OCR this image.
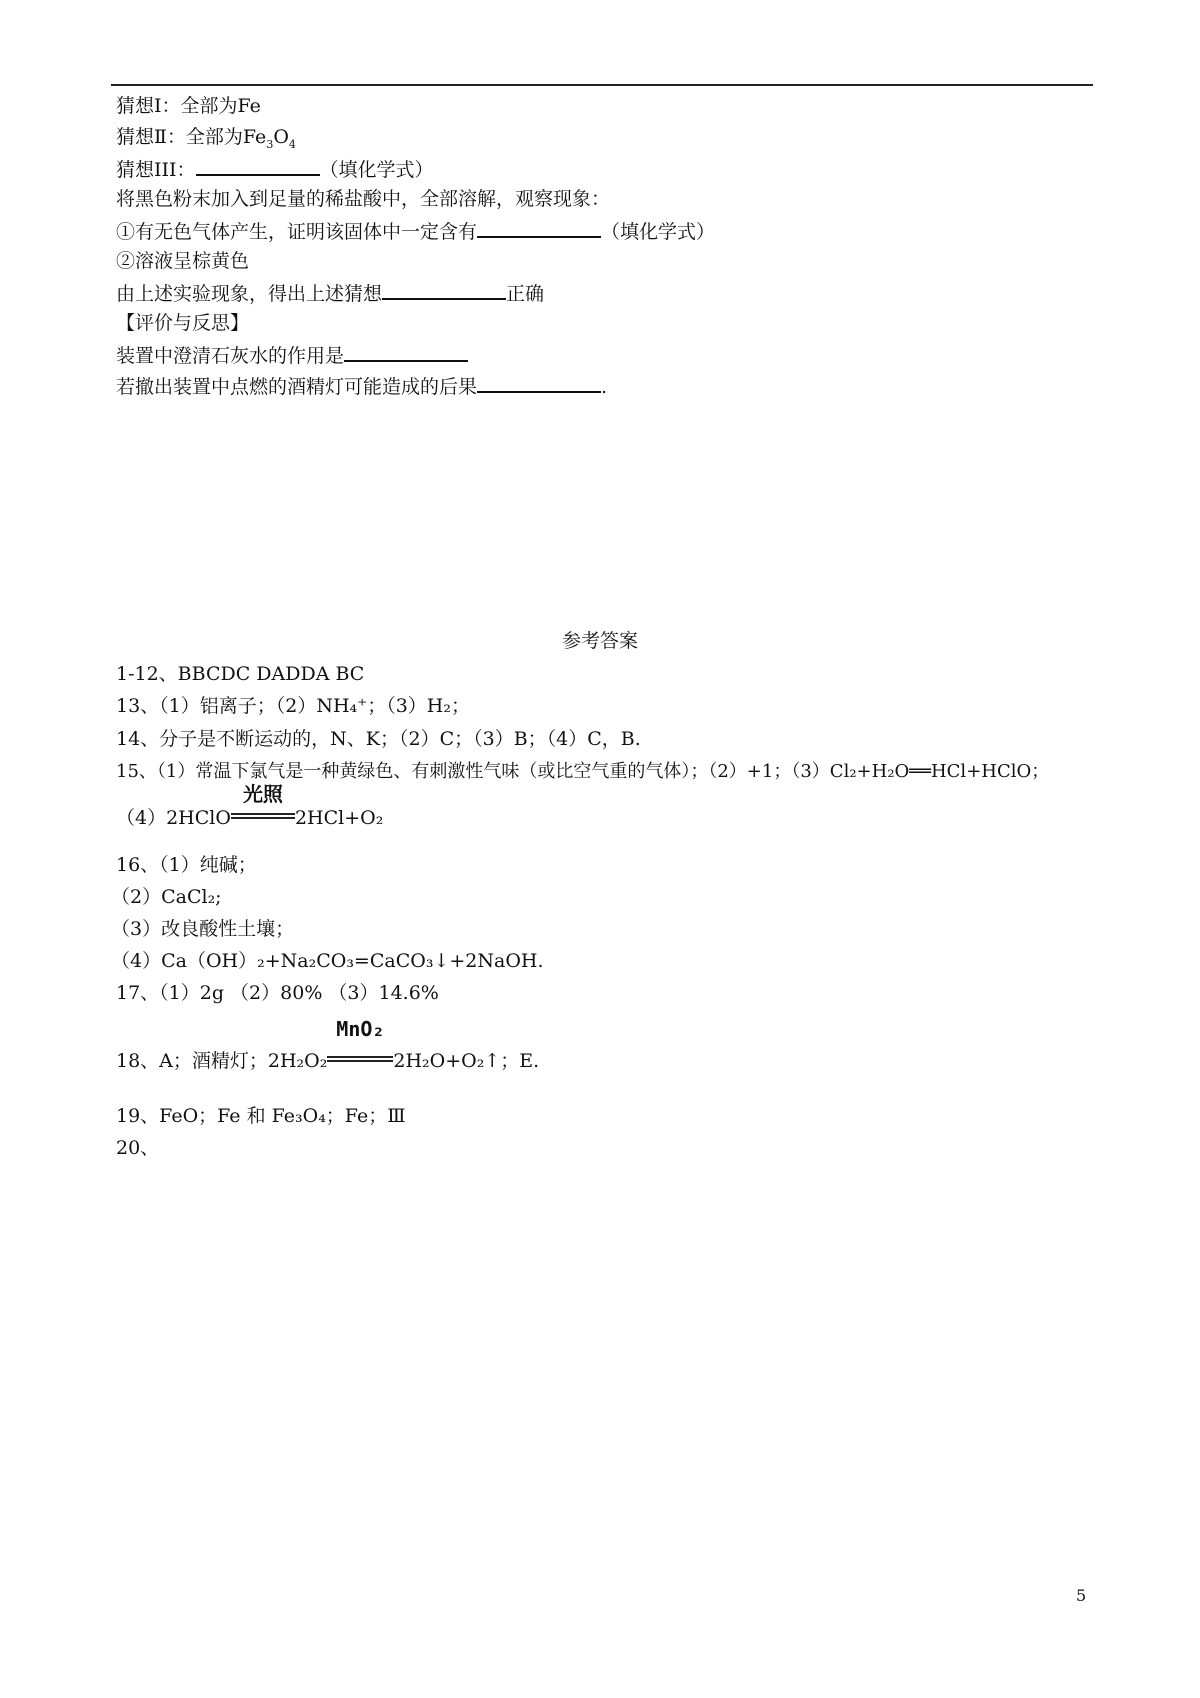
猜想Ⅰ：全部为Fe
猜想Ⅱ：全部为$Fe_3O_4$
猜想III：	（填化学式）
将黑色粉末加入到足量的稀盐酸中，全部溶解，观察现象：
①有无色气体产生，证明该固体中一定含有	（填化学式）
②溶液呈棕黄色
由上述实验现象，得出上述猜想	正确
【评价与反思】
装置中澄清石灰水的作用是
若撤出装置中点燃的酒精灯可能造成的后果	.
参考答案
1-12、BBCDC DADDA BC
13、（1）铝离子；（2）NH₄⁺；（3）H₂；
14、分子是不断运动的，N、K；（2）C；（3）B；（4）C，B.
15、（1）常温下氯气是一种黄绿色、有刺激性气味（或比空气重的气体）；（2）+1；（3）Cl₂+H₂O══HCl+HClO；
（4）2HClO
光照
2HCl+O₂
16、（1）纯碱；
（2）CaCl₂;
（3）改良酸性土壤；
（4）Ca（OH）₂+Na₂CO₃=CaCO₃↓+2NaOH.
17、（1）2g （2）80% （3）14.6%
18、A；酒精灯；2H₂O₂
MnO₂
2H₂O+O₂↑；E.
19、FeO；Fe 和 Fe₃O₄；Fe；Ⅲ
20、
5
